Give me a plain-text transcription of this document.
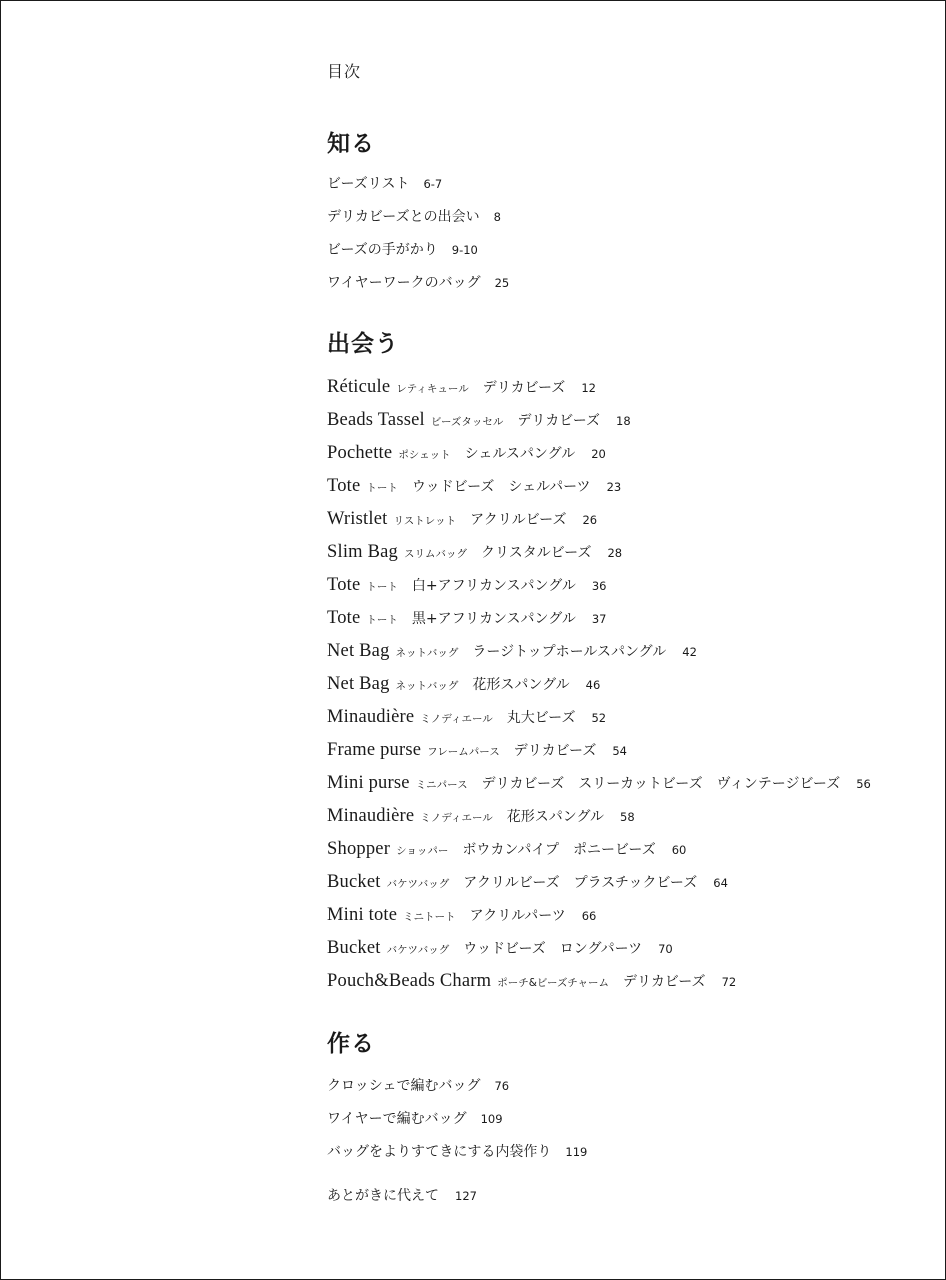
目次
知る
ビーズリスト 6-7
デリカビーズとの出会い 8
ビーズの手がかり 9-10
ワイヤーワークのバッグ 25
出会う
Réticule レティキュール デリカビーズ 12
Beads Tassel ビーズタッセル デリカビーズ 18
Pochette ポシェット シェルスパングル 20
Tote トート ウッドビーズ　シェルパーツ 23
Wristlet リストレット アクリルビーズ 26
Slim Bag スリムバッグ クリスタルビーズ 28
Tote トート 白+アフリカンスパングル 36
Tote トート 黒+アフリカンスパングル 37
Net Bag ネットバッグ ラージトップホールスパングル 42
Net Bag ネットバッグ 花形スパングル 46
Minaudière ミノディエール 丸大ビーズ 52
Frame purse フレームパース デリカビーズ 54
Mini purse ミニパース デリカビーズ　スリーカットビーズ　ヴィンテージビーズ 56
Minaudière ミノディエール 花形スパングル 58
Shopper ショッパー ボウカンパイプ　ポニービーズ 60
Bucket バケツバッグ アクリルビーズ　プラスチックビーズ 64
Mini tote ミニトート アクリルパーツ 66
Bucket バケツバッグ ウッドビーズ　ロングパーツ 70
Pouch&Beads Charm ポーチ&ビーズチャーム デリカビーズ 72
作る
クロッシェで編むバッグ 76
ワイヤーで編むバッグ 109
バッグをよりすてきにする内袋作り 119
あとがきに代えて 127
